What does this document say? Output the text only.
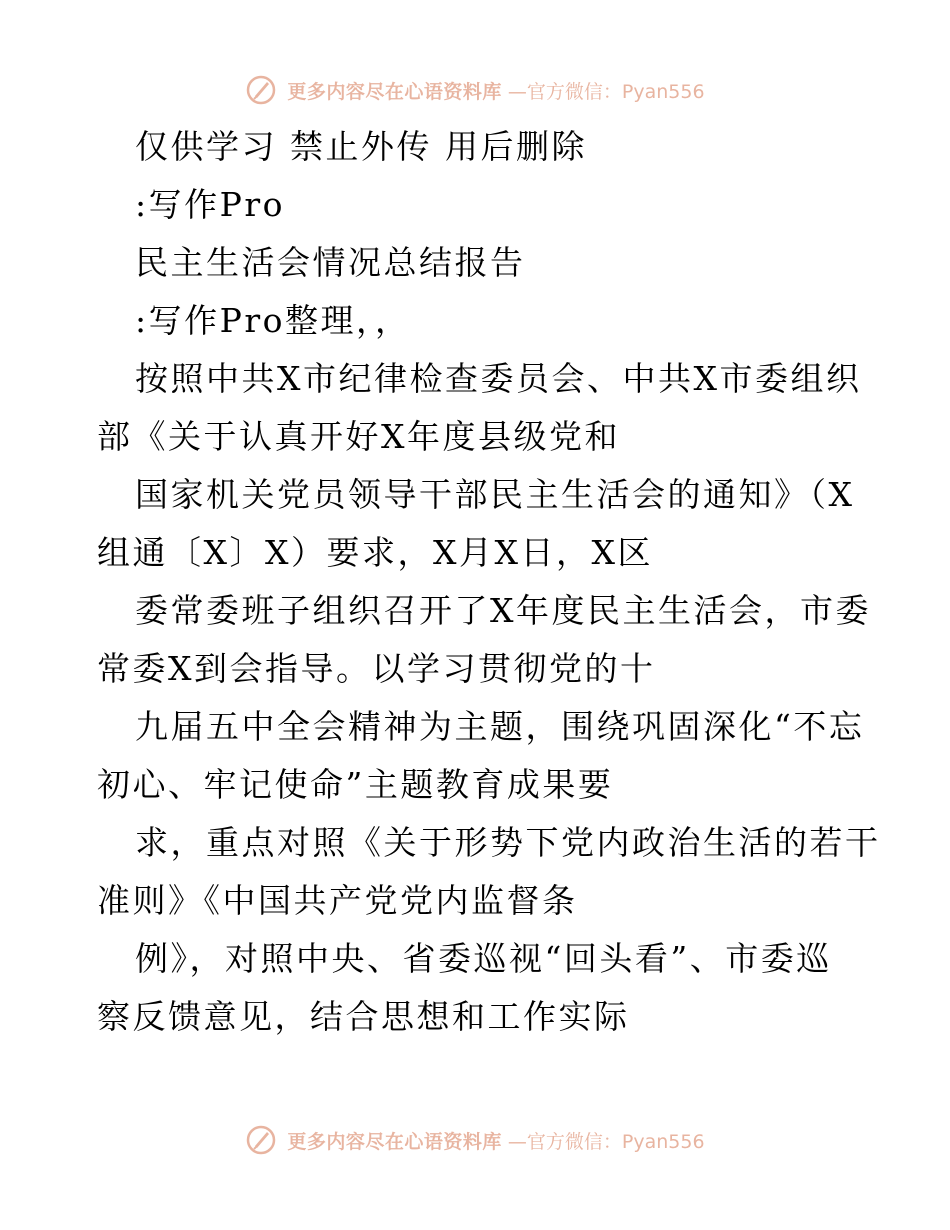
更多内容尽在心语资料库 —官方微信：Pyan556
仅供学习 禁止外传 用后删除
:写作Pro
民主生活会情况总结报告
:写作Pro整理，，
按照中共X市纪律检查委员会、中共X市委组织
部《关于认真开好X年度县级党和
国家机关党员领导干部民主生活会的通知》（X
组通〔X〕X）要求，X月X日，X区
委常委班子组织召开了X年度民主生活会，市委
常委X到会指导。以学习贯彻党的十
九届五中全会精神为主题，围绕巩固深化“不忘
初心、牢记使命”主题教育成果要
求，重点对照《关于形势下党内政治生活的若干
准则》《中国共产党党内监督条
例》，对照中央、省委巡视“回头看”、市委巡
察反馈意见，结合思想和工作实际
更多内容尽在心语资料库 —官方微信：Pyan556
